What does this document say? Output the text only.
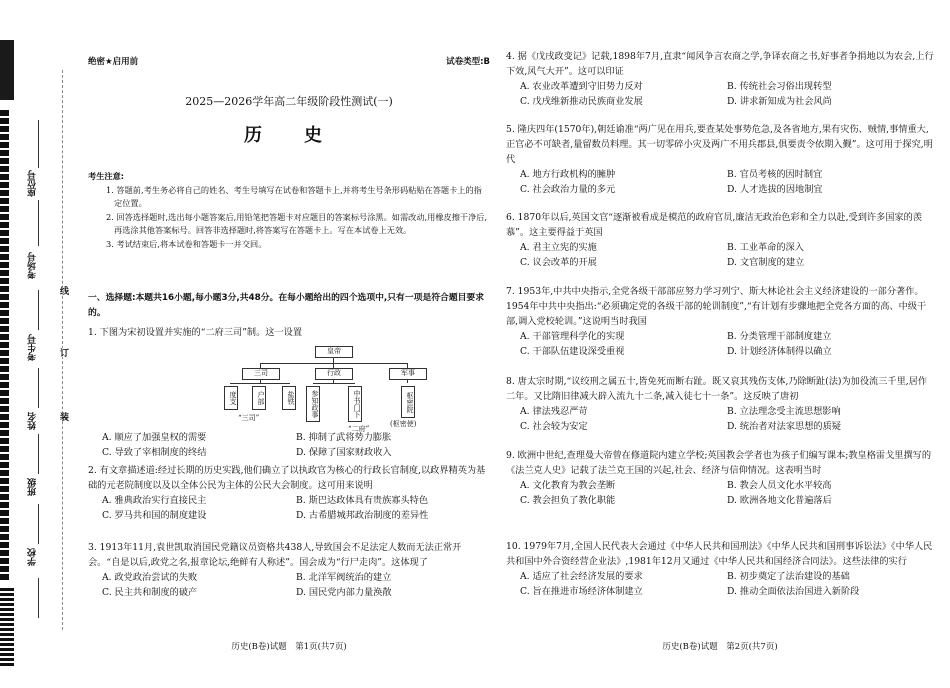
座位号
考场号
考生号
姓名
班级
学校
线
订
装
绝密★启用前	试卷类型:B
2025—2026学年高二年级阶段性测试(一)
历　史
考生注意:
1. 答题前,考生务必将自己的姓名、考生号填写在试卷和答题卡上,并将考生号条形码粘贴在答题卡上的指定位置。
2. 回答选择题时,选出每小题答案后,用铅笔把答题卡对应题目的答案标号涂黑。如需改动,用橡皮擦干净后,再选涂其他答案标号。回答非选择题时,将答案写在答题卡上。写在本试卷上无效。
3. 考试结束后,将本试卷和答题卡一并交回。
一、选择题:本题共16小题,每小题3分,共48分。在每小题给出的四个选项中,只有一项是符合题目要求的。
1. 下图为宋初设置并实施的“二府三司”制。这一设置
皇帝
三司	行政	军事
度支	户部	盐铁	参知政事	中书门下	枢密院
“三司”
“二府”
(枢密使)
A. 顺应了加强皇权的需要	B. 抑制了武将势力膨胀
C. 导致了宰相制度的终结	D. 保障了国家财政收入
2. 有文章描述道:经过长期的历史实践,他们确立了以执政官为核心的行政长官制度,以政界精英为基础的元老院制度以及以全体公民为主体的公民大会制度。这可用来说明
A. 雅典政治实行直接民主	B. 斯巴达政体具有贵族寡头特色
C. 罗马共和国的制度建设	D. 古希腊城邦政治制度的差异性
3. 1913年11月,袁世凯取消国民党籍议员资格共438人,导致国会不足法定人数而无法正常开会。“自是以后,政党之名,报章论坛,绝鲜有人称述”。国会成为“行尸走肉”。这体现了
A. 政党政治尝试的失败	B. 北洋军阀统治的建立
C. 民主共和制度的破产	D. 国民党内部力量涣散
历史(B卷)试题　第1页(共7页)
4. 据《戊戌政变记》记载,1898年7月,直隶“闻风争言农商之学,争译农商之书,好事者争捐地以为农会,上行下效,风气大开”。这可以印证
A. 农业改革遭到守旧势力反对	B. 传统社会习俗出现转型
C. 戊戌维新推动民族商业发展	D. 讲求新知成为社会风尚
5. 隆庆四年(1570年),朝廷谕准“两广见在用兵,要查某处事势危急,及各省地方,果有灾伤、贼情,事情重大,正官必不可缺者,量留数员料理。其一切零碎小灾及两广不用兵郡县,俱要责令依期入觐”。这可用于探究,明代
A. 地方行政机构的臃肿	B. 官员考核的因时制宜
C. 社会政治力量的多元	D. 人才选拔的因地制宜
6. 1870年以后,英国文官“逐渐被看成是模范的政府官员,廉洁无政治色彩和全力以赴,受到许多国家的羡慕”。这主要得益于英国
A. 君主立宪的实施	B. 工业革命的深入
C. 议会改革的开展	D. 文官制度的建立
7. 1953年,中共中央指示,全党各级干部部应努力学习列宁、斯大林论社会主义经济建设的一部分著作。1954年中共中央指出:“必须确定党的各级干部的轮训制度”,“有计划有步骤地把全党各方面的高、中级干部,调入党校轮训。”这说明当时我国
A. 干部管理科学化的实现	B. 分类管理干部制度建立
C. 干部队伍建设深受重视	D. 计划经济体制得以确立
8. 唐太宗时期,“议绞刑之属五十,皆免死而断右趾。既又哀其残伤支体,乃除断趾(法)为加役流三千里,居作二年。又比隋旧律减大辟入流九十二条,减入徒七十一条”。这反映了唐初
A. 律法残忍严苛	B. 立法理念受主流思想影响
C. 社会较为安定	D. 统治者对法家思想的质疑
9. 欧洲中世纪,查理曼大帝曾在修道院内建立学校;英国教会学者也为孩子们编写课本;教皇格雷戈里撰写的《法兰克人史》记载了法兰克王国的兴起,社会、经济与信仰情况。这表明当时
A. 文化教育为教会垄断	B. 教会人员文化水平较高
C. 教会担负了教化职能	D. 欧洲各地文化普遍落后
10. 1979年7月,全国人民代表大会通过《中华人民共和国刑法》《中华人民共和国刑事诉讼法》《中华人民共和国中外合资经营企业法》,1981年12月又通过《中华人民共和国经济合同法》。这些法律的实行
A. 适应了社会经济发展的要求	B. 初步奠定了法治建设的基础
C. 旨在推进市场经济体制建立	D. 推动全面依法治国进入新阶段
历史(B卷)试题　第2页(共7页)
